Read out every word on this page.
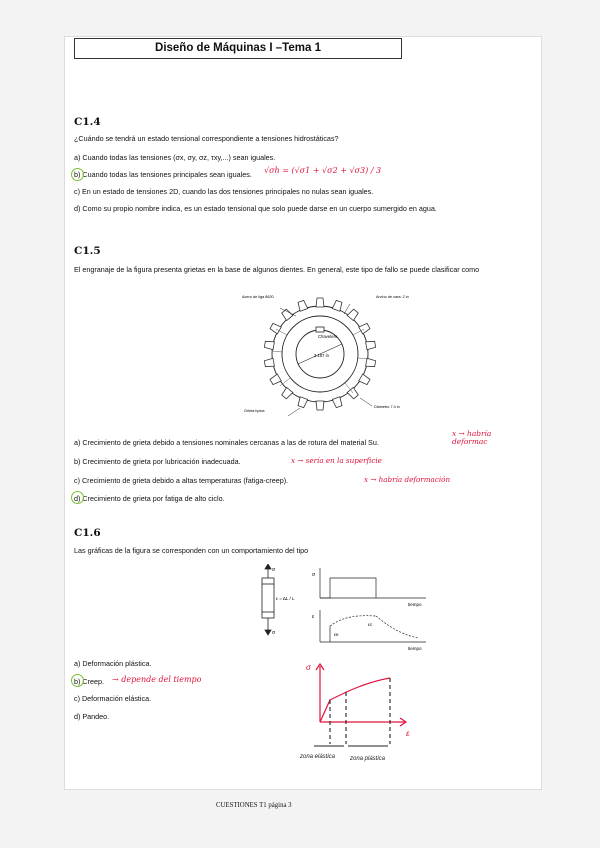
Diseño de Máquinas I –Tema 1
C1.4
¿Cuándo se tendrá un estado tensional correspondiente a tensiones hidrostáticas?
a) Cuando todas las tensiones (σx, σy, σz, τxy,...) sean iguales.
b) Cuando todas las tensiones principales sean iguales. √σh = (√σ1 + √σ2 + √σ3) / 3
c) En un estado de tensiones 2D, cuando las dos tensiones principales no nulas sean iguales.
d) Como su propio nombre indica, es un estado tensional que solo puede darse en un cuerpo sumergido en agua.
C1.5
El engranaje de la figura presenta grietas en la base de algunos dientes. En general, este tipo de fallo se puede clasificar como
Chavetero
3.187 in
Acero de liga 8620	Ancho de cara: 2 in
Grieta típica
Diámetro 7.4 in
a) Crecimiento de grieta debido a tensiones nominales cercanas a las de rotura del material Su.
x → habría deformac
b) Crecimiento de grieta por lubricación inadecuada.	x → sería en la superficie
c) Crecimiento de grieta debido a altas temperaturas (fatiga-creep).	x → habría deformación
d) Crecimiento de grieta por fatiga de alto ciclo.
C1.6
Las gráficas de la figura se corresponden con un comportamiento del tipo
σ
σ
ε = ΔL / L
σ
tiempo
ε
εe
εc
tiempo
a) Deformación plástica.
b) Creep. → depende del tiempo
c) Deformación elástica.
d) Pandeo.
σ
ε
zona elástica zona plástica
CUESTIONES T1 página 3
